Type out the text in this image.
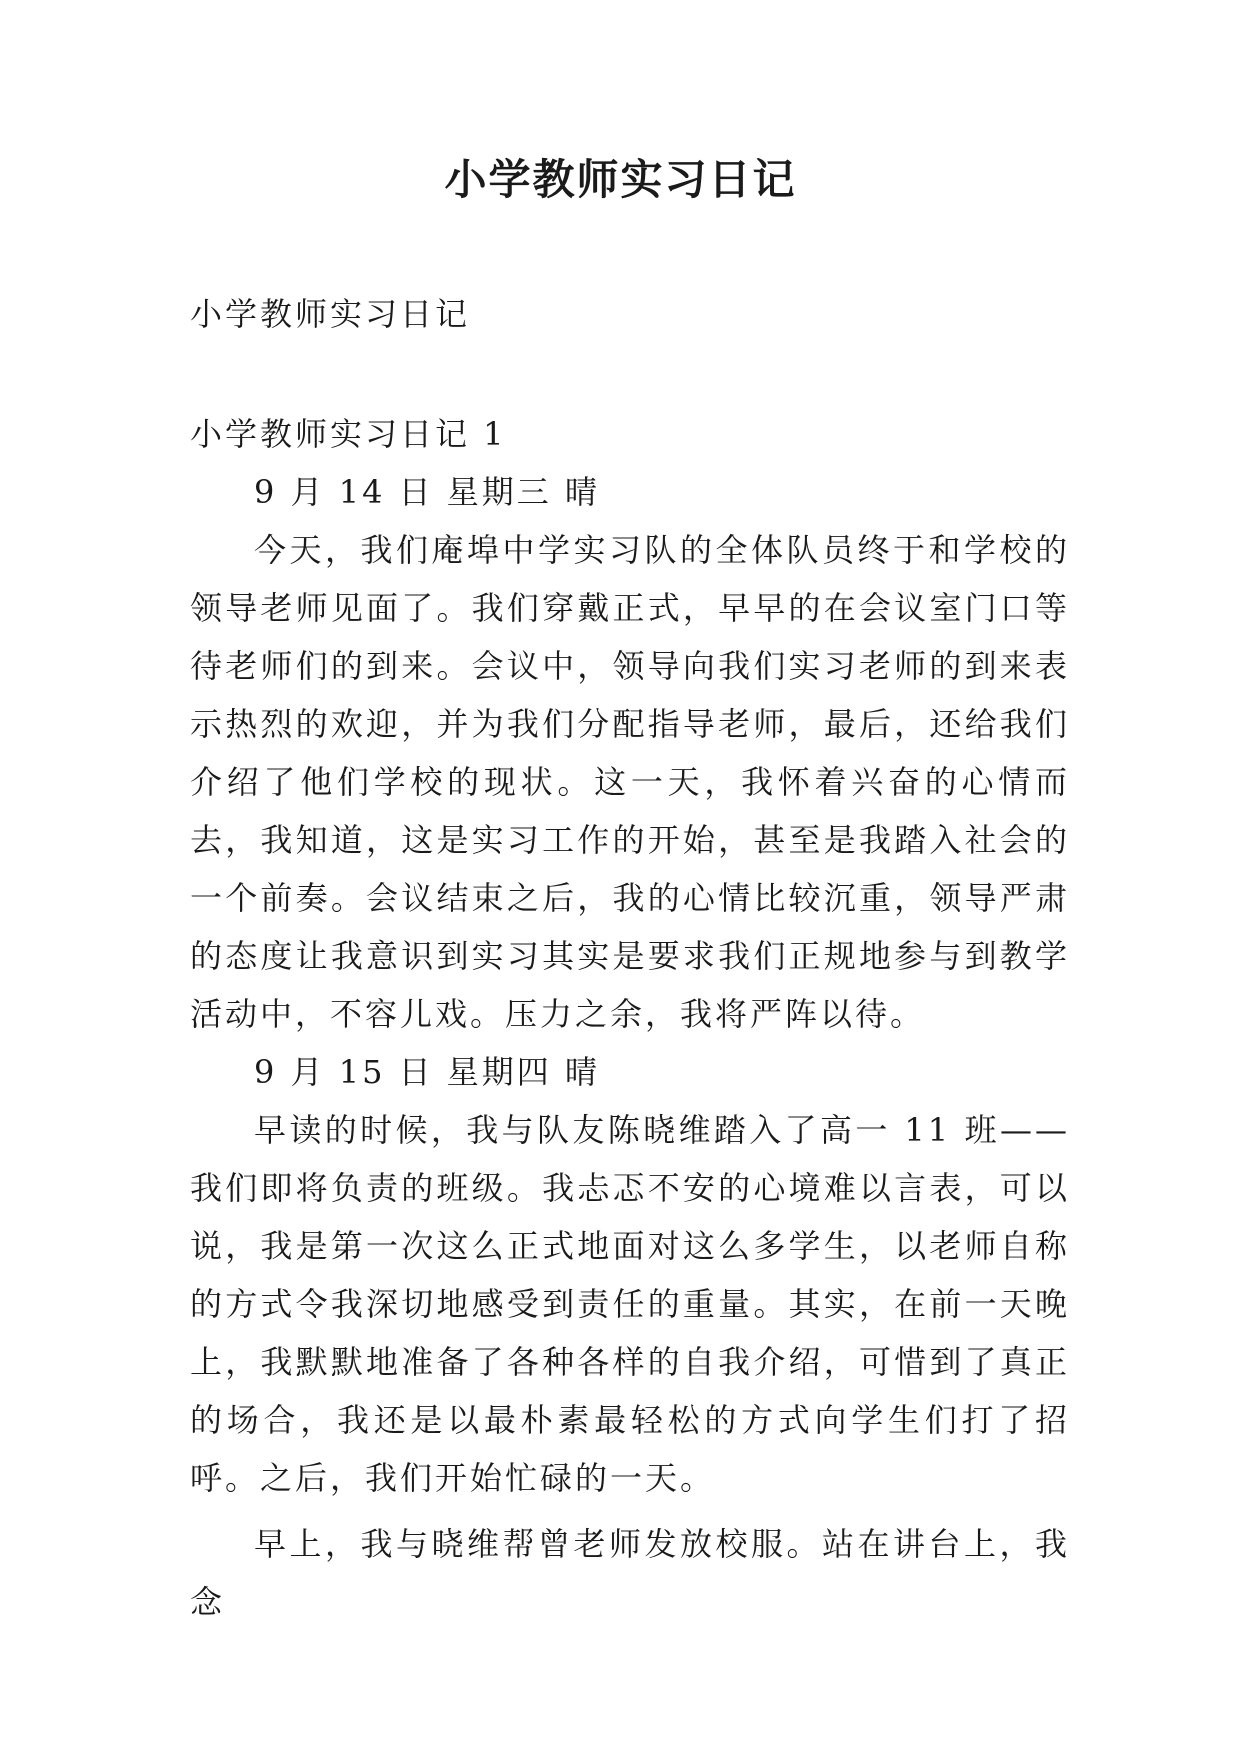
小学教师实习日记

小学教师实习日记

小学教师实习日记 1

9 月 14 日 星期三 晴

今天，我们庵埠中学实习队的全体队员终于和学校的领导老师见面了。我们穿戴正式，早早的在会议室门口等待老师们的到来。会议中，领导向我们实习老师的到来表示热烈的欢迎，并为我们分配指导老师，最后，还给我们介绍了他们学校的现状。这一天，我怀着兴奋的心情而去，我知道，这是实习工作的开始，甚至是我踏入社会的一个前奏。会议结束之后，我的心情比较沉重，领导严肃的态度让我意识到实习其实是要求我们正规地参与到教学活动中，不容儿戏。压力之余，我将严阵以待。

9 月 15 日 星期四 晴

早读的时候，我与队友陈晓维踏入了高一 11 班——我们即将负责的班级。我忐忑不安的心境难以言表，可以说，我是第一次这么正式地面对这么多学生，以老师自称的方式令我深切地感受到责任的重量。其实，在前一天晚上，我默默地准备了各种各样的自我介绍，可惜到了真正的场合，我还是以最朴素最轻松的方式向学生们打了招呼。之后，我们开始忙碌的一天。

早上，我与晓维帮曾老师发放校服。站在讲台上，我念
